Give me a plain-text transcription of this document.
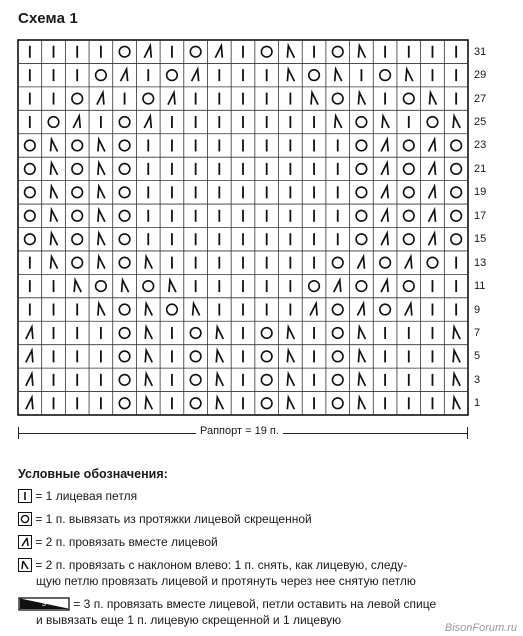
Схема 1
31
29
27
25
23
21
19
17
15
13
11
9
7
5
3
1
Раппорт = 19 п.
Условные обозначения:
= 1 лицевая петля
= 1 п. вывязать из протяжки лицевой скрещенной
= 2 п. провязать вместе лицевой
= 2 п. провязать с наклоном влево: 1 п. снять, как лицевую, следу-
щую петлю провязать лицевой и протянуть через нее снятую петлю
3 = 3 п. провязать вместе лицевой, петли оставить на левой спице
и вывязать еще 1 п. лицевую скрещенной и 1 лицевую
BisonForum.ru
